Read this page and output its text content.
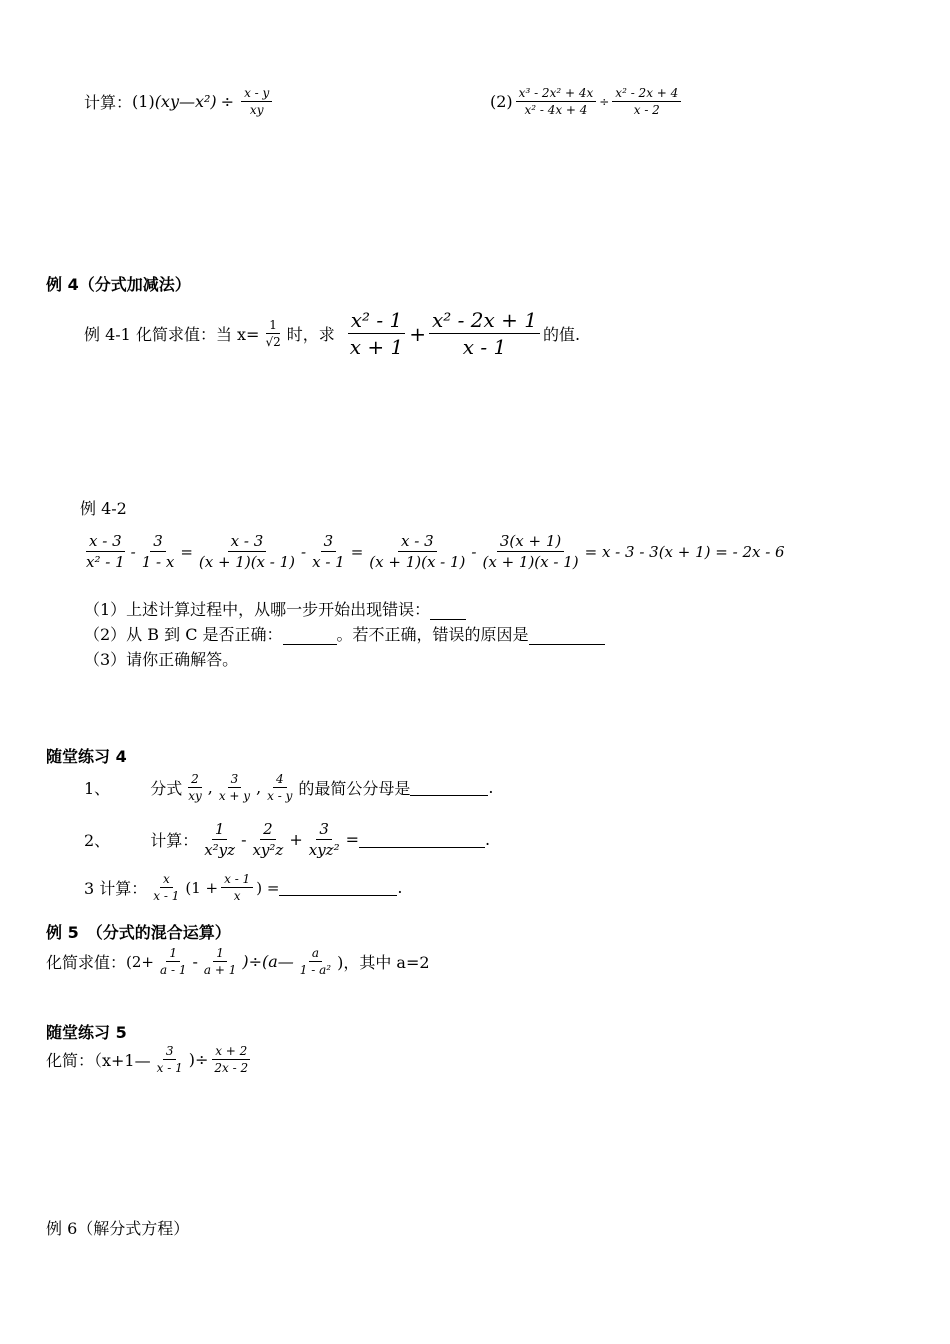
计算： (1) (xy—x²) ÷ $\frac{x - y}{xy}$	$(2) \frac{\text{x³ - 2x² + 4x}}{\text{x² - 4x + 4}} \div \frac{\text{x² - 2x + 4}}{x - 2}$
例 4（分式加减法）
例 4-1 化简求值：当 $x= \frac{1}{√2}$ 时，求 $\frac{\text{x² - 1}}{x + 1} + \frac{\text{x² - 2x + 1}}{x - 1}$ 的值.
例 4-2
$\frac{x - 3}{\text{x² - 1}} - \frac{3}{1 - x} = \frac{x - 3}{(x + 1)(x - 1)} - \frac{3}{x - 1} = \frac{x - 3}{(x + 1)(x - 1)} - \frac{3(x + 1)}{(x + 1)(x - 1)} = x - 3 - 3(x + 1)$ = - 2x - 6
（1）上述计算过程中，从哪一步开始出现错误：
（2）从 B 到 C 是否正确：	。若不正确，错误的原因是
（3）请你正确解答。
随堂练习 4
1、	分式 $\frac{2}{xy}$ , $\frac{3}{x + y}$ , $\frac{4}{x - y}$ 的最简公分母是	.
2、	计算： $\frac{1}{\text{x²yz}} - \frac{2}{\text{xy²z}} + \frac{3}{\text{xyz²}}$ =	.
3 计算： $\frac{x}{x - 1} (1 + \frac{x - 1}{x}$ ) =	.
例 5　（分式的混合运算）
化简求值： ($2+ \frac{1}{a - 1} - \frac{1}{a + 1}$ )÷(a— $\frac{a}{\text{1 - a²}}$ )，其中 a=2
随堂练习 5
化简：（x+1— $\frac{3}{x - 1}$ )÷ $\frac{x + 2}{2x - 2}$
例 6（解分式方程）
